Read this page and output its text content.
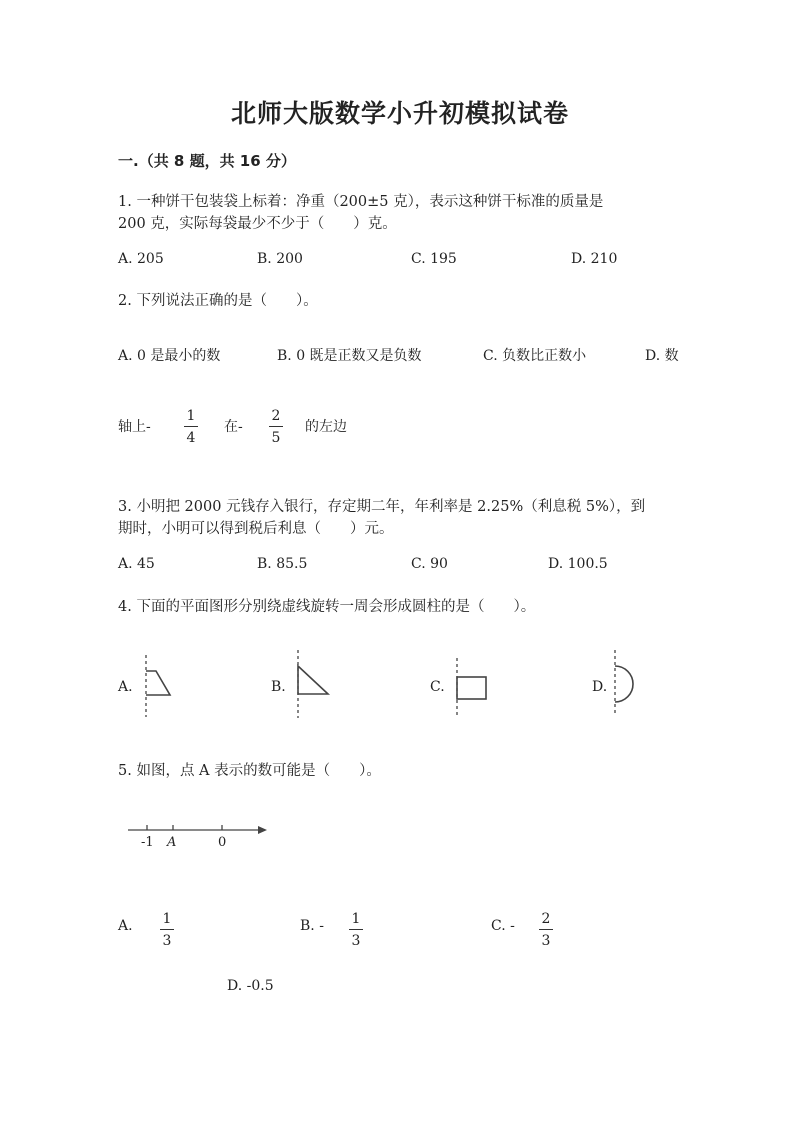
北师大版数学小升初模拟试卷
一.（共 8 题，共 16 分）
1. 一种饼干包装袋上标着：净重（200±5 克），表示这种饼干标准的质量是
200 克，实际每袋最少不少于（　　）克。
A. 205	B. 200	C. 195	D. 210
2. 下列说法正确的是（　　）。
A. 0 是最小的数	B. 0 既是正数又是负数	C. 负数比正数小	D. 数
轴上- $\frac{1}{4}$ 在- $\frac{2}{5}$ 的左边
3. 小明把 2000 元钱存入银行，存定期二年，年利率是 2.25%（利息税 5%），到
期时，小明可以得到税后利息（　　）元。
A. 45	B. 85.5	C. 90	D. 100.5
4. 下面的平面图形分别绕虚线旋转一周会形成圆柱的是（　　）。
A.	B.	C.	D.
5. 如图，点 A 表示的数可能是（　　）。
-1 A	0
A. $\frac{1}{3}$	B. - $\frac{1}{3}$	C. - $\frac{2}{3}$
D. -0.5
